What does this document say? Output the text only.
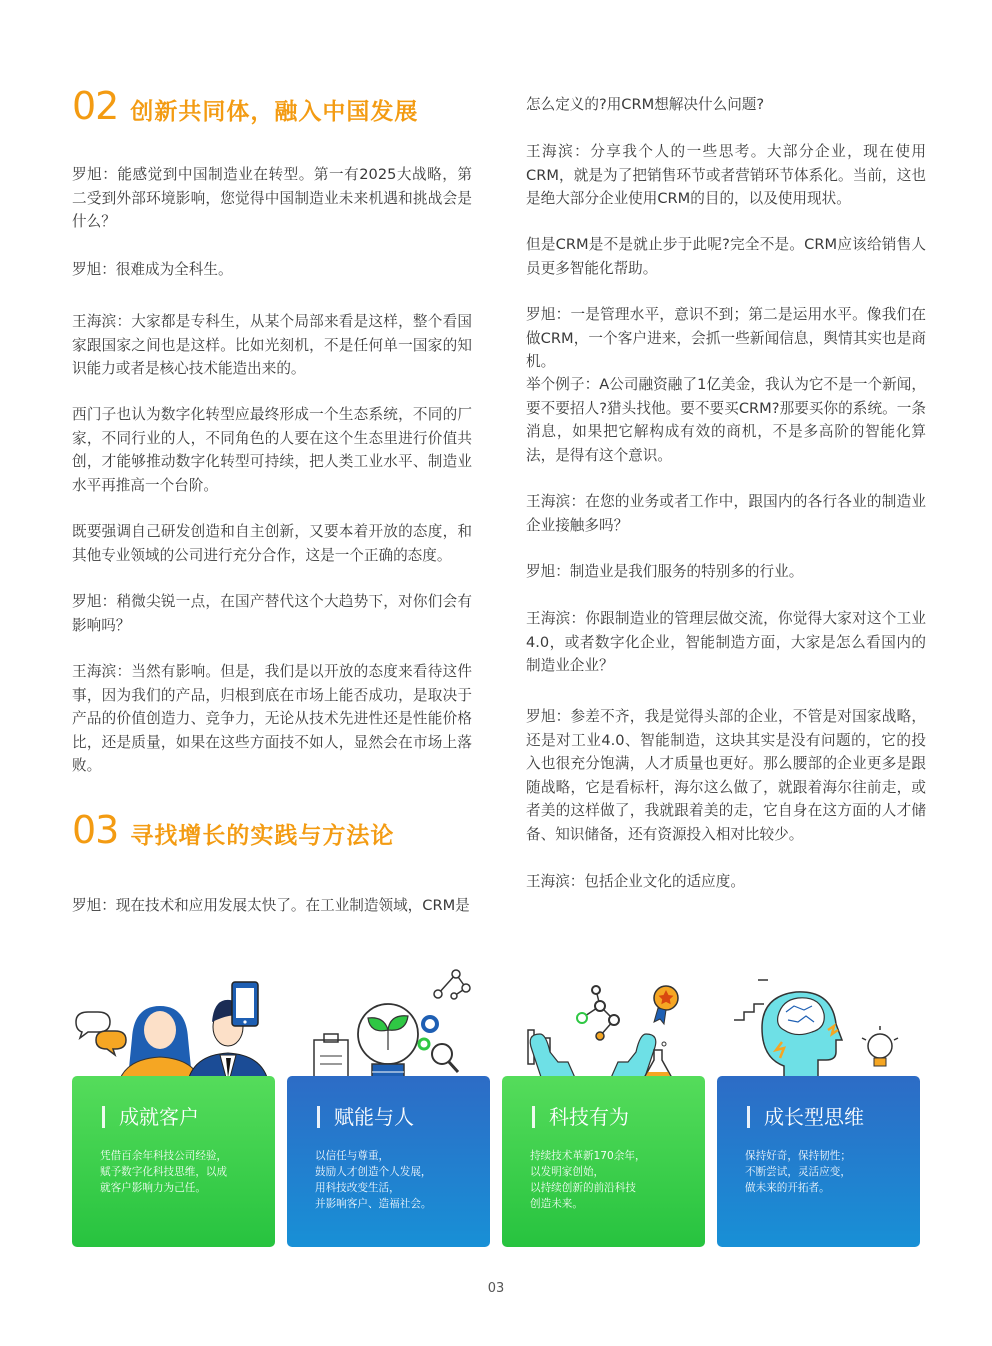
02 创新共同体，融入中国发展

罗旭：能感觉到中国制造业在转型。第一有2025大战略，第二受到外部环境影响，您觉得中国制造业未来机遇和挑战会是什么？

罗旭：很难成为全科生。

王海滨：大家都是专科生，从某个局部来看是这样，整个看国家跟国家之间也是这样。比如光刻机，不是任何单一国家的知识能力或者是核心技术能造出来的。

西门子也认为数字化转型应最终形成一个生态系统，不同的厂家，不同行业的人，不同角色的人要在这个生态里进行价值共创，才能够推动数字化转型可持续，把人类工业水平、制造业水平再推高一个台阶。

既要强调自己研发创造和自主创新，又要本着开放的态度，和其他专业领域的公司进行充分合作，这是一个正确的态度。

罗旭：稍微尖锐一点，在国产替代这个大趋势下，对你们会有影响吗？

王海滨：当然有影响。但是，我们是以开放的态度来看待这件事，因为我们的产品，归根到底在市场上能否成功，是取决于产品的价值创造力、竞争力，无论从技术先进性还是性能价格比，还是质量，如果在这些方面技不如人，显然会在市场上落败。

03 寻找增长的实践与方法论

罗旭：现在技术和应用发展太快了。在工业制造领域，CRM是

怎么定义的?用CRM想解决什么问题?

王海滨：分享我个人的一些思考。大部分企业，现在使用CRM，就是为了把销售环节或者营销环节体系化。当前，这也是绝大部分企业使用CRM的目的，以及使用现状。

但是CRM是不是就止步于此呢?完全不是。CRM应该给销售人员更多智能化帮助。

罗旭：一是管理水平，意识不到；第二是运用水平。像我们在做CRM，一个客户进来，会抓一些新闻信息，舆情其实也是商机。

举个例子：A公司融资融了1亿美金，我认为它不是一个新闻，要不要招人?猎头找他。要不要买CRM?那要买你的系统。一条消息，如果把它解构成有效的商机，不是多高阶的智能化算法，是得有这个意识。

王海滨：在您的业务或者工作中，跟国内的各行各业的制造业企业接触多吗？

罗旭：制造业是我们服务的特别多的行业。

王海滨：你跟制造业的管理层做交流，你觉得大家对这个工业4.0，或者数字化企业，智能制造方面，大家是怎么看国内的制造业企业？

罗旭：参差不齐，我是觉得头部的企业，不管是对国家战略，还是对工业4.0、智能制造，这块其实是没有问题的，它的投入也很充分饱满，人才质量也更好。那么腰部的企业更多是跟随战略，它是看标杆，海尔这么做了，就跟着海尔往前走，或者美的这样做了，我就跟着美的走，它自身在这方面的人才储备、知识储备，还有资源投入相对比较少。

王海滨：包括企业文化的适应度。

成就客户
凭借百余年科技公司经验，
赋予数字化科技思维，以成
就客户影响力为己任。
赋能与人
以信任与尊重，
鼓励人才创造个人发展，
用科技改变生活，
并影响客户、造福社会。
科技有为
持续技术革新170余年，
以发明家创始，
以持续创新的前沿科技
创造未来。
成长型思维
保持好奇，保持韧性；
不断尝试，灵活应变，
做未来的开拓者。
03
